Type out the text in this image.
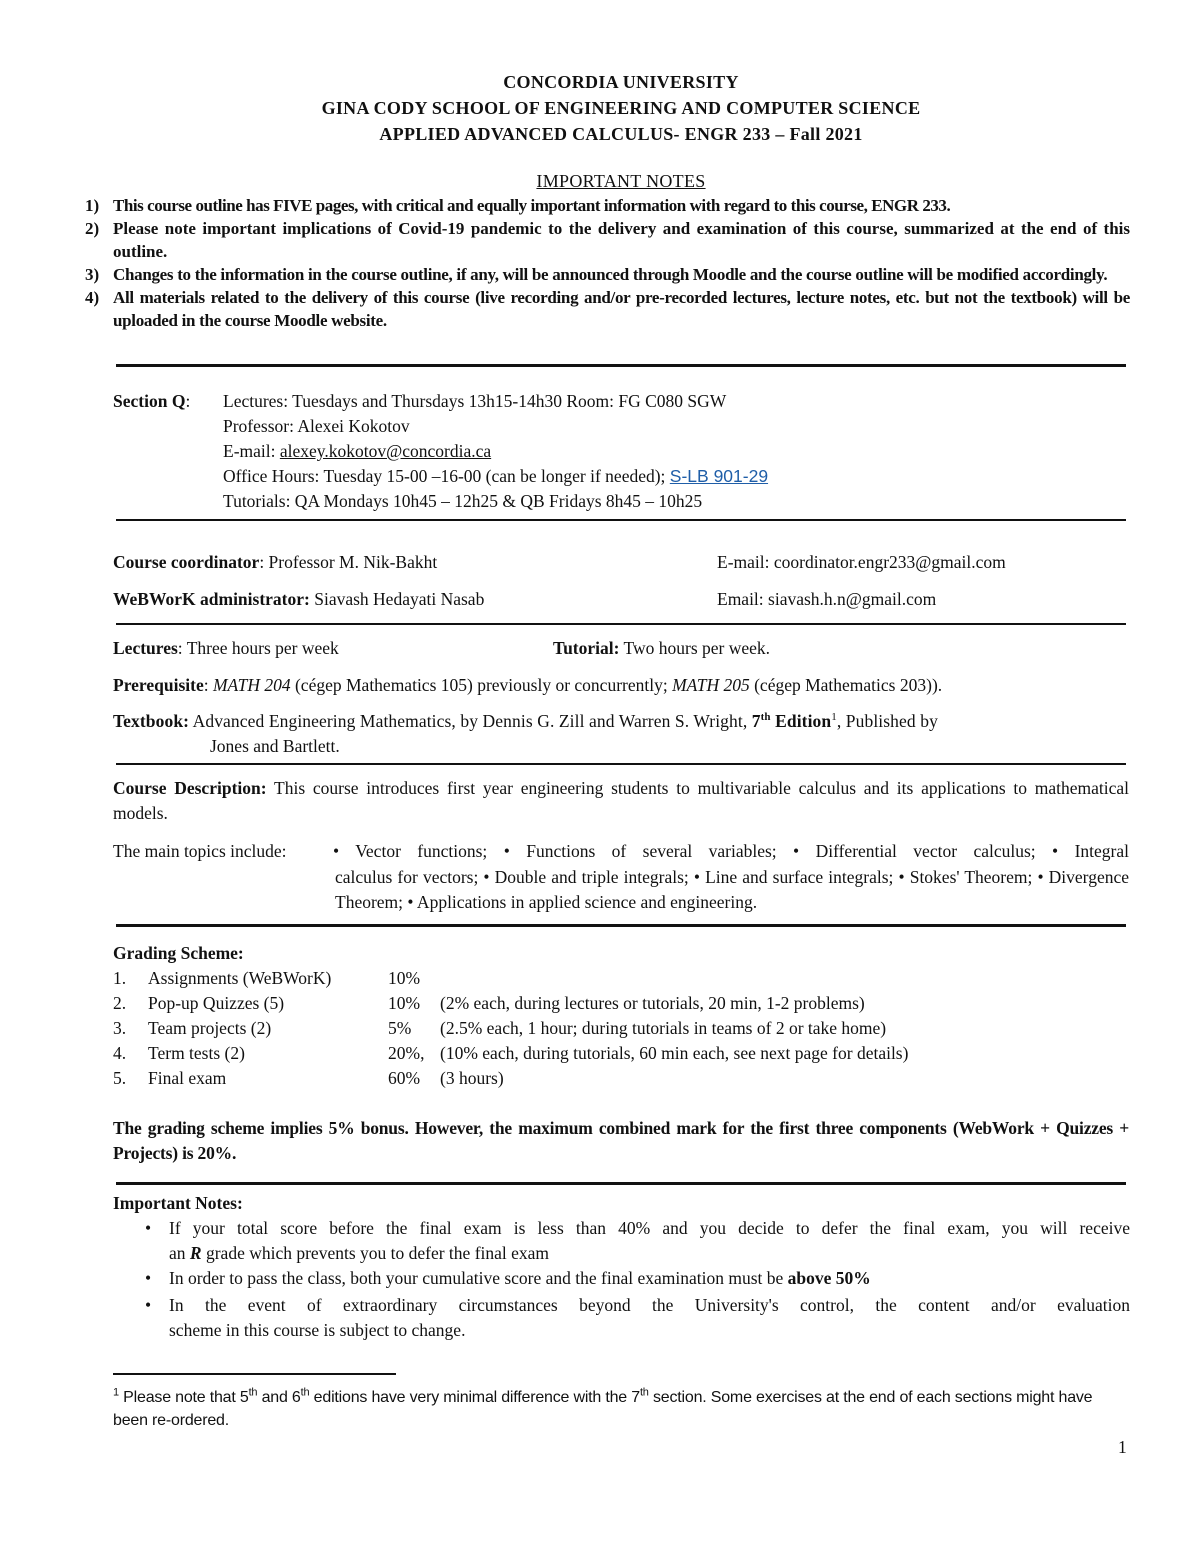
CONCORDIA UNIVERSITY
GINA CODY SCHOOL OF ENGINEERING AND COMPUTER SCIENCE
APPLIED ADVANCED CALCULUS- ENGR 233 – Fall 2021
IMPORTANT NOTES
1) This course outline has FIVE pages, with critical and equally important information with regard to this course, ENGR 233.
2) Please note important implications of Covid-19 pandemic to the delivery and examination of this course, summarized at the end of this outline.
3) Changes to the information in the course outline, if any, will be announced through Moodle and the course outline will be modified accordingly.
4) All materials related to the delivery of this course (live recording and/or pre-recorded lectures, lecture notes, etc. but not the textbook) will be uploaded in the course Moodle website.
Section Q: Lectures: Tuesdays and Thursdays 13h15-14h30 Room: FG C080 SGW
Professor: Alexei Kokotov
E-mail: alexey.kokotov@concordia.ca
Office Hours: Tuesday 15-00 –16-00 (can be longer if needed); S-LB 901-29
Tutorials: QA Mondays 10h45 – 12h25 & QB Fridays 8h45 – 10h25
Course coordinator: Professor M. Nik-Bakht	E-mail: coordinator.engr233@gmail.com
WeBWorK administrator: Siavash Hedayati Nasab	Email: siavash.h.n@gmail.com
Lectures: Three hours per week	Tutorial: Two hours per week.
Prerequisite: MATH 204 (cégep Mathematics 105) previously or concurrently; MATH 205 (cégep Mathematics 203)).
Textbook: Advanced Engineering Mathematics, by Dennis G. Zill and Warren S. Wright, 7th Edition$^1$, Published by
Jones and Bartlett.
Course Description: This course introduces first year engineering students to multivariable calculus and its applications to mathematical models.
The main topics include:	• Vector functions; • Functions of several variables; • Differential vector calculus; • Integral
calculus for vectors; • Double and triple integrals; • Line and surface integrals; • Stokes' Theorem; • Divergence Theorem; • Applications in applied science and engineering.
Grading Scheme:
1. Assignments (WeBWorK)	10%
2. Pop-up Quizzes (5)	10% (2% each, during lectures or tutorials, 20 min, 1-2 problems)
3. Team projects (2)	5% (2.5% each, 1 hour; during tutorials in teams of 2 or take home)
4. Term tests (2)	20%, (10% each, during tutorials, 60 min each, see next page for details)
5. Final exam	60% (3 hours)
The grading scheme implies 5% bonus. However, the maximum combined mark for the first three components (WebWork + Quizzes + Projects) is 20%.
Important Notes:
•	If your total score before the final exam is less than 40% and you decide to defer the final exam, you will receive
an R grade which prevents you to defer the final exam
•	In order to pass the class, both your cumulative score and the final examination must be above 50%
•	In the event of extraordinary circumstances beyond the University's control, the content and/or evaluation
scheme in this course is subject to change.
$^1$ Please note that 5th and 6th editions have very minimal difference with the 7th section. Some exercises at the end of each sections might have been re-ordered.
1
